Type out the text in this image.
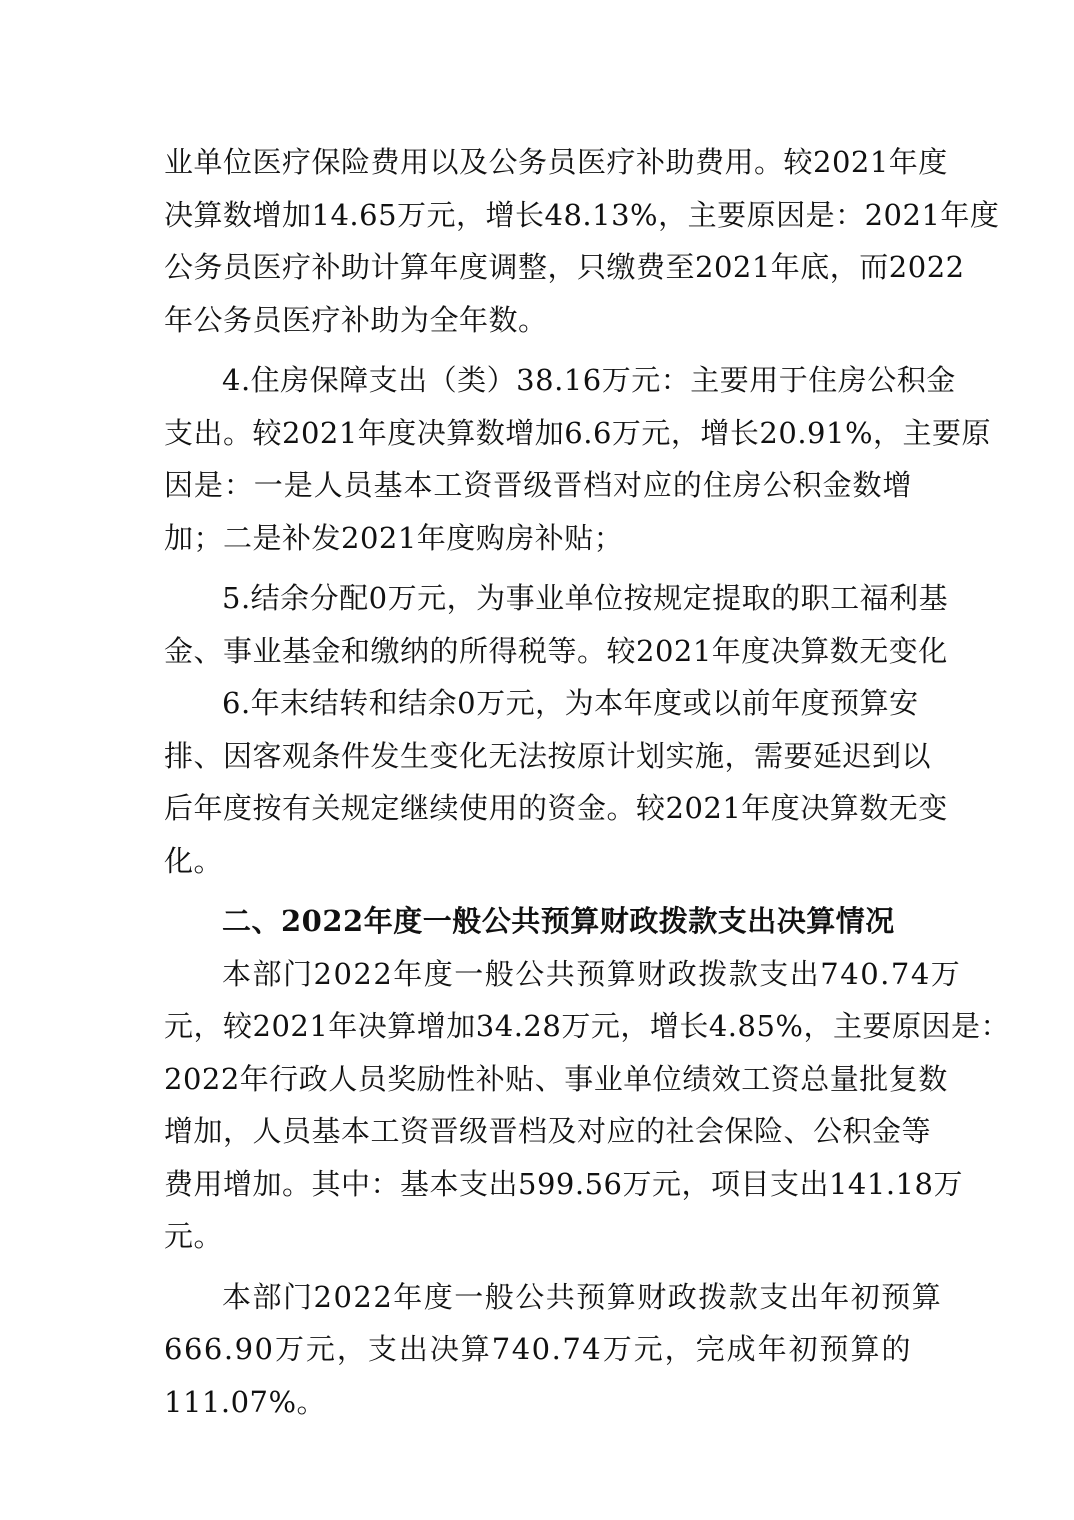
业单位医疗保险费用以及公务员医疗补助费用。较2021年度
决算数增加14.65万元，增长48.13%，主要原因是：2021年度
公务员医疗补助计算年度调整，只缴费至2021年底，而2022
年公务员医疗补助为全年数。
4.住房保障支出（类）38.16万元：主要用于住房公积金
支出。较2021年度决算数增加6.6万元，增长20.91%，主要原
因是：一是人员基本工资晋级晋档对应的住房公积金数增
加；二是补发2021年度购房补贴；
5.结余分配0万元，为事业单位按规定提取的职工福利基
金、事业基金和缴纳的所得税等。较2021年度决算数无变化
6.年末结转和结余0万元，为本年度或以前年度预算安
排、因客观条件发生变化无法按原计划实施，需要延迟到以
后年度按有关规定继续使用的资金。较2021年度决算数无变
化。
二、2022年度一般公共预算财政拨款支出决算情况
本部门2022年度一般公共预算财政拨款支出740.74万
元，较2021年决算增加34.28万元，增长4.85%，主要原因是：
2022年行政人员奖励性补贴、事业单位绩效工资总量批复数
增加，人员基本工资晋级晋档及对应的社会保险、公积金等
费用增加。其中：基本支出599.56万元，项目支出141.18万
元。
本部门2022年度一般公共预算财政拨款支出年初预算
666.90万元，支出决算740.74万元，完成年初预算的
111.07%。
